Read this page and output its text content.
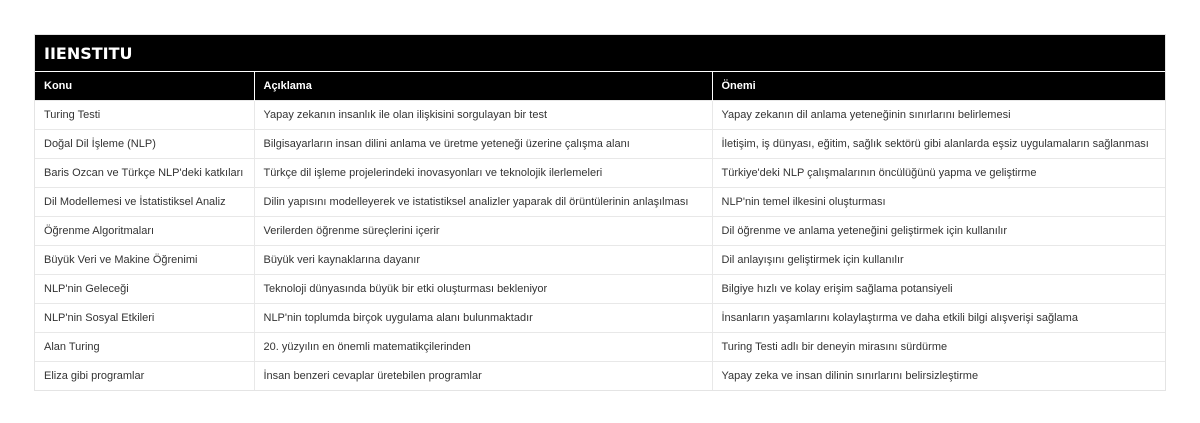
IIENSTITU
Konu	Açıklama	Önemi
Turing Testi	Yapay zekanın insanlık ile olan ilişkisini sorgulayan bir test	Yapay zekanın dil anlama yeteneğinin sınırlarını belirlemesi
Doğal Dil İşleme (NLP)	Bilgisayarların insan dilini anlama ve üretme yeteneği üzerine çalışma alanı	İletişim, iş dünyası, eğitim, sağlık sektörü gibi alanlarda eşsiz uygulamaların sağlanması
Baris Ozcan ve Türkçe NLP'deki katkıları	Türkçe dil işleme projelerindeki inovasyonları ve teknolojik ilerlemeleri	Türkiye'deki NLP çalışmalarının öncülüğünü yapma ve geliştirme
Dil Modellemesi ve İstatistiksel Analiz	Dilin yapısını modelleyerek ve istatistiksel analizler yaparak dil örüntülerinin anlaşılması	NLP'nin temel ilkesini oluşturması
Öğrenme Algoritmaları	Verilerden öğrenme süreçlerini içerir	Dil öğrenme ve anlama yeteneğini geliştirmek için kullanılır
Büyük Veri ve Makine Öğrenimi	Büyük veri kaynaklarına dayanır	Dil anlayışını geliştirmek için kullanılır
NLP'nin Geleceği	Teknoloji dünyasında büyük bir etki oluşturması bekleniyor	Bilgiye hızlı ve kolay erişim sağlama potansiyeli
NLP'nin Sosyal Etkileri	NLP'nin toplumda birçok uygulama alanı bulunmaktadır	İnsanların yaşamlarını kolaylaştırma ve daha etkili bilgi alışverişi sağlama
Alan Turing	20. yüzyılın en önemli matematikçilerinden	Turing Testi adlı bir deneyin mirasını sürdürme
Eliza gibi programlar	İnsan benzeri cevaplar üretebilen programlar	Yapay zeka ve insan dilinin sınırlarını belirsizleştirme
